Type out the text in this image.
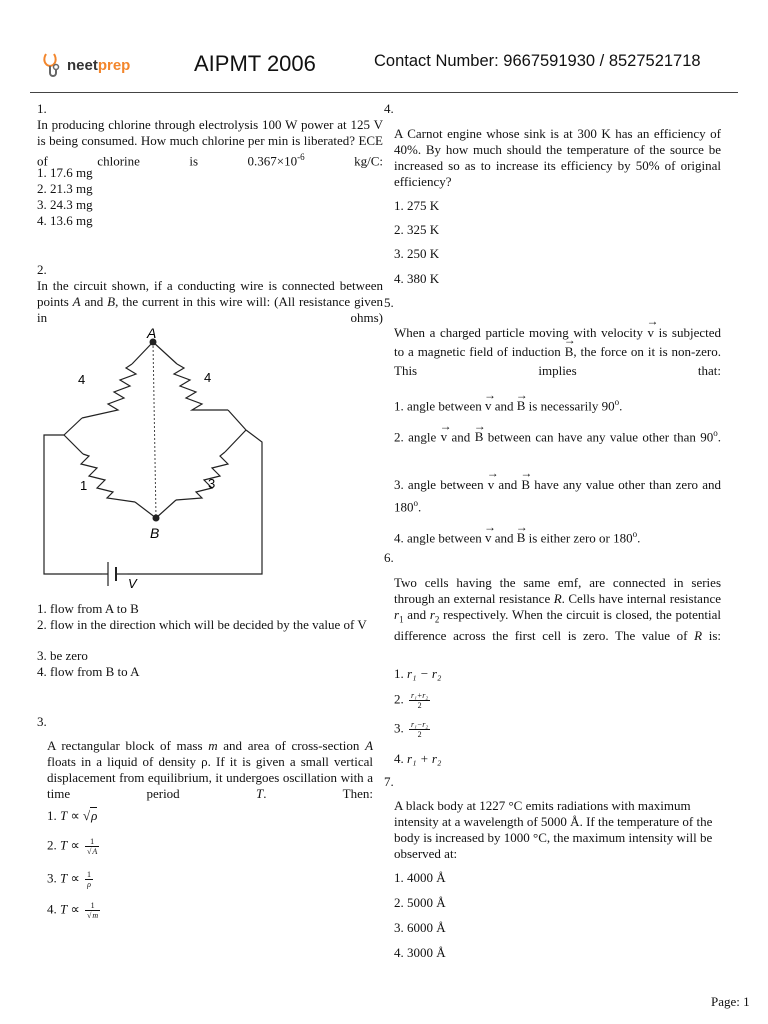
neetprep	AIPMT 2006	Contact Number: 9667591930 / 8527521718
1.
In producing chlorine through electrolysis 100 W power at 125 V is being consumed. How much chlorine per min is liberated? ECE of chlorine is $0.367\times 10^{-6}$ kg/C:
1. 17.6 mg
2. 21.3 mg
3. 24.3 mg
4. 13.6 mg
2.
In the circuit shown, if a conducting wire is connected between points A and B, the current in this wire will: (All resistance given in ohms)
A
B
V
4	4
1	3
1. flow from A to B
2. flow in the direction which will be decided by the value of V
3. be zero
4. flow from B to A
3.
A rectangular block of mass m and area of cross-section A floats in a liquid of density ρ. If it is given a small vertical displacement from equilibrium, it undergoes oscillation with a time period T. Then:
1. T ∝ √ρ
2. $T \propto \frac{1}{√A}$
3. $T \propto \frac{1}{\rho}$
4. $T \propto \frac{1}{√m}$
4.
A Carnot engine whose sink is at 300 K has an efficiency of 40%. By how much should the temperature of the source be increased so as to increase its efficiency by 50% of original efficiency?
1. 275 K
2. 325 K
3. 250 K
4. 380 K
5.
When a charged particle moving with velocity → v is subjected to a magnetic field of induction → B, the force on it is non-zero. This implies that:
1. angle between → v and → B is necessarily 90$^o$.
2. angle → v and → B between can have any value other than 90$^o$.
3. angle between → v and → B have any value other than zero and 180$^o$.
4. angle between → v and → B is either zero or 180$^o$.
6.
Two cells having the same emf, are connected in series through an external resistance R. Cells have internal resistance $r_1$ and $r_2$ respectively. When the circuit is closed, the potential difference across the first cell is zero. The value of R is:
1. r₁ − r₂
2. $\frac{\text{r₁+r₂}}{2}$
3. $\frac{\text{r₁−r₂}}{2}$
4. r₁ + r₂
7.
A black body at 1227 °C emits radiations with maximum intensity at a wavelength of 5000 Å. If the temperature of the body is increased by 1000 °C, the maximum intensity will be observed at:
1. 4000 Å
2. 5000 Å
3. 6000 Å
4. 3000 Å
Page: 1
